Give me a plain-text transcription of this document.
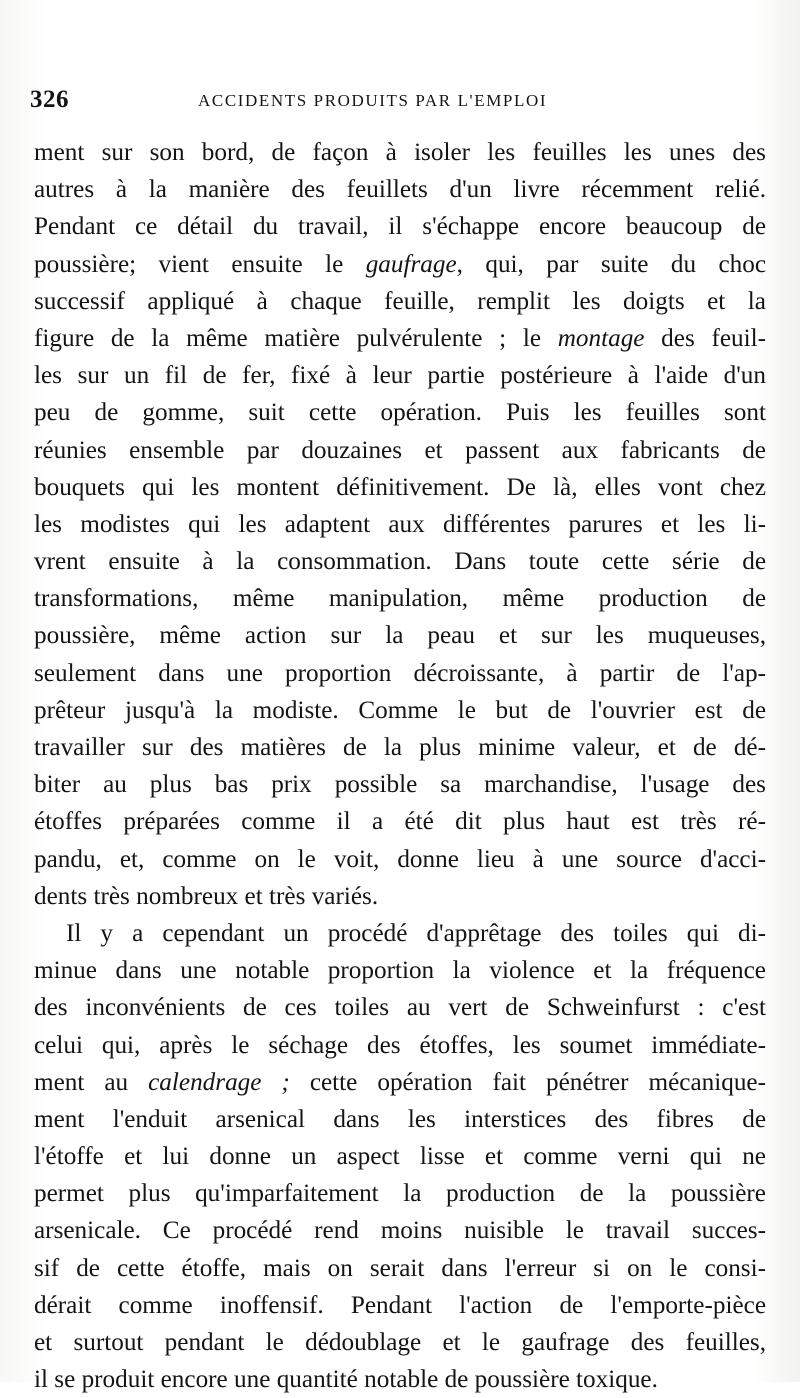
326	ACCIDENTS PRODUITS PAR L'EMPLOI
ment sur son bord, de façon à isoler les feuilles les unes des
autres à la manière des feuillets d'un livre récemment relié.
Pendant ce détail du travail, il s'échappe encore beaucoup de
poussière; vient ensuite le gaufrage, qui, par suite du choc
successif appliqué à chaque feuille, remplit les doigts et la
figure de la même matière pulvérulente ; le montage des feuil-
les sur un fil de fer, fixé à leur partie postérieure à l'aide d'un
peu de gomme, suit cette opération. Puis les feuilles sont
réunies ensemble par douzaines et passent aux fabricants de
bouquets qui les montent définitivement. De là, elles vont chez
les modistes qui les adaptent aux différentes parures et les li-
vrent ensuite à la consommation. Dans toute cette série de
transformations, même manipulation, même production de
poussière, même action sur la peau et sur les muqueuses,
seulement dans une proportion décroissante, à partir de l'ap-
prêteur jusqu'à la modiste. Comme le but de l'ouvrier est de
travailler sur des matières de la plus minime valeur, et de dé-
biter au plus bas prix possible sa marchandise, l'usage des
étoffes préparées comme il a été dit plus haut est très ré-
pandu, et, comme on le voit, donne lieu à une source d'acci-
dents très nombreux et très variés.
Il y a cependant un procédé d'apprêtage des toiles qui di-
minue dans une notable proportion la violence et la fréquence
des inconvénients de ces toiles au vert de Schweinfurst : c'est
celui qui, après le séchage des étoffes, les soumet immédiate-
ment au calendrage ; cette opération fait pénétrer mécanique-
ment l'enduit arsenical dans les interstices des fibres de
l'étoffe et lui donne un aspect lisse et comme verni qui ne
permet plus qu'imparfaitement la production de la poussière
arsenicale. Ce procédé rend moins nuisible le travail succes-
sif de cette étoffe, mais on serait dans l'erreur si on le consi-
dérait comme inoffensif. Pendant l'action de l'emporte-pièce
et surtout pendant le dédoublage et le gaufrage des feuilles,
il se produit encore une quantité notable de poussière toxique.
